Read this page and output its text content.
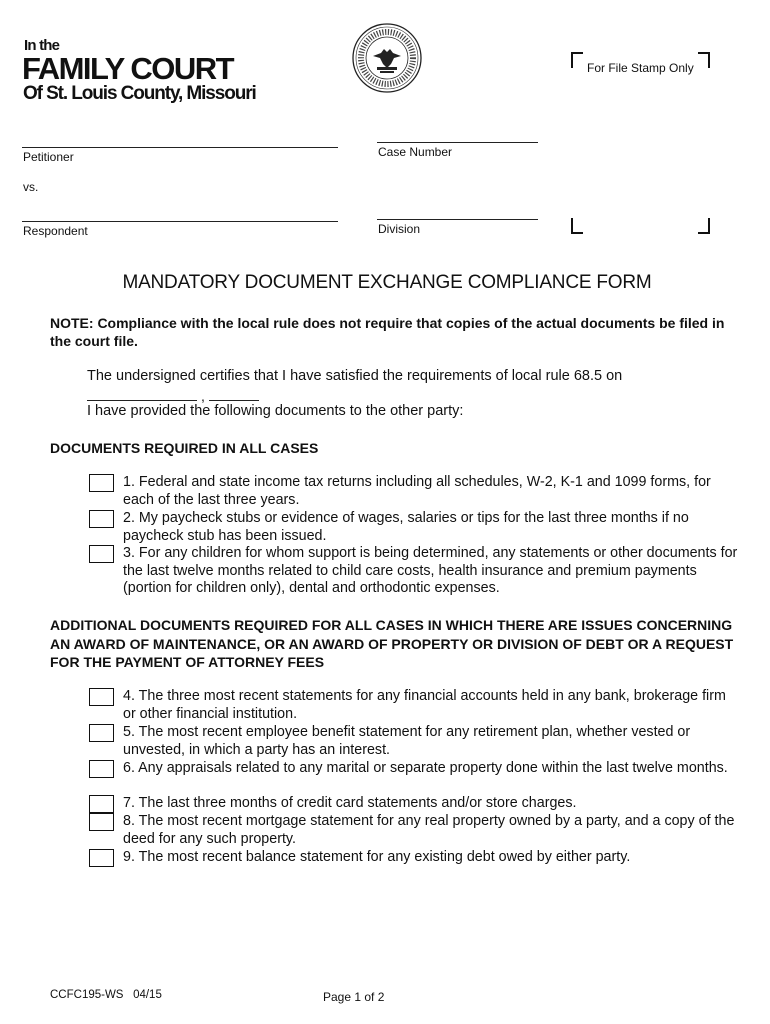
In the
FAMILY COURT
Of St. Louis County, Missouri
For File Stamp Only
Petitioner
vs.
Respondent
Case Number
Division
MANDATORY DOCUMENT EXCHANGE COMPLIANCE FORM
NOTE: Compliance with the local rule does not require that copies of the actual documents be filed in the court file.
The undersigned certifies that I have satisfied the requirements of local rule 68.5 on
,
I have provided the following documents to the other party:
DOCUMENTS REQUIRED IN ALL CASES
1. Federal and state income tax returns including all schedules, W-2, K-1 and 1099 forms, for each of the last three years.
2. My paycheck stubs or evidence of wages, salaries or tips for the last three months if no paycheck stub has been issued.
3. For any children for whom support is being determined, any statements or other documents for the last twelve months related to child care costs, health insurance and premium payments (portion for children only), dental and orthodontic expenses.
ADDITIONAL DOCUMENTS REQUIRED FOR ALL CASES IN WHICH THERE ARE ISSUES CONCERNING AN AWARD OF MAINTENANCE, OR AN AWARD OF PROPERTY OR DIVISION OF DEBT OR A REQUEST FOR THE PAYMENT OF ATTORNEY FEES
4. The three most recent statements for any financial accounts held in any bank, brokerage firm or other financial institution.
5. The most recent employee benefit statement for any retirement plan, whether vested or unvested, in which a party has an interest.
6. Any appraisals related to any marital or separate property done within the last twelve months.
7. The last three months of credit card statements and/or store charges.
8. The most recent mortgage statement for any real property owned by a party, and a copy of the deed for any such property.
9. The most recent balance statement for any existing debt owed by either party.
CCFC195-WS   04/15	Page 1 of 2
